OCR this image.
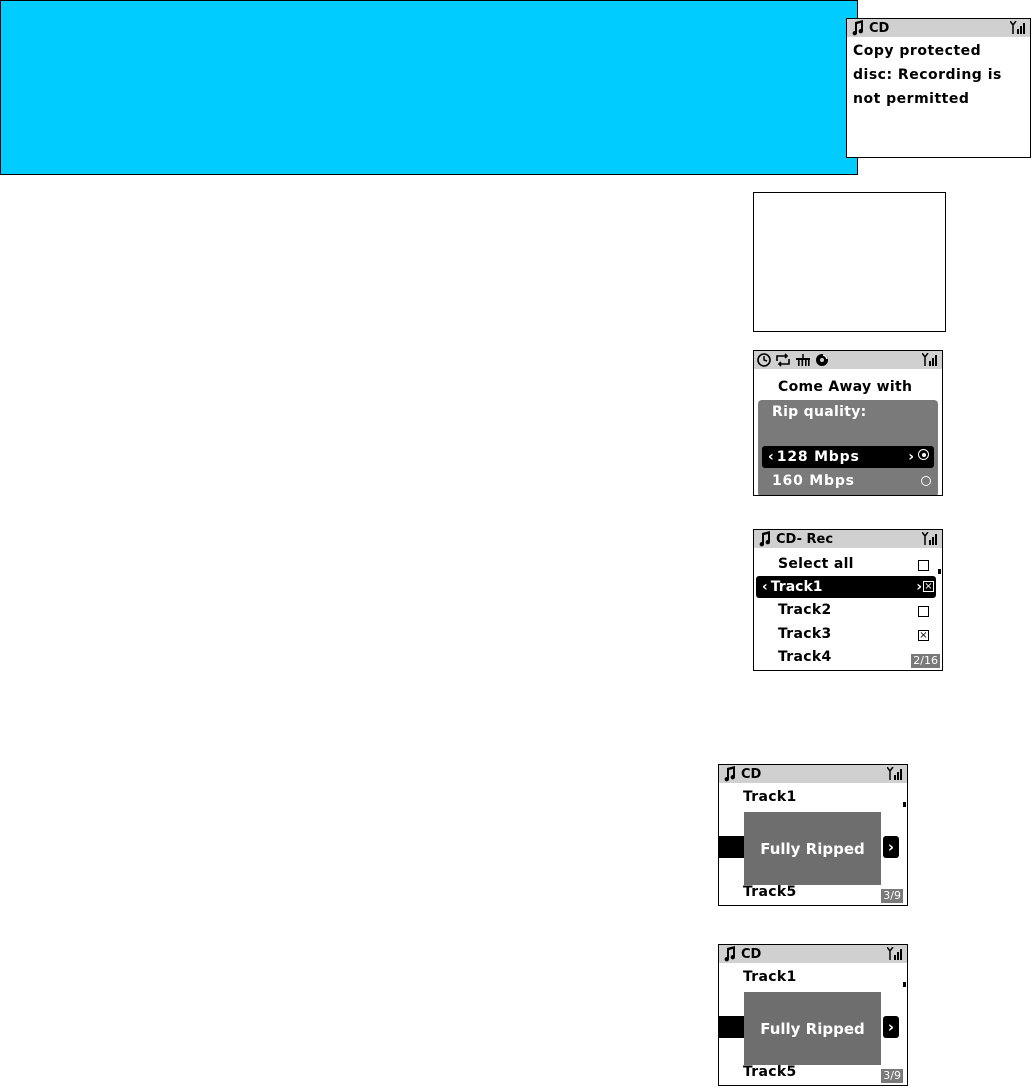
CD
Copy protected
disc: Recording is
not permitted
Come Away with
Rip quality:
‹ 128 Mbps	›
160 Mbps
CD- Rec
Select all
‹ Track1	› ×
Track2
Track3	×
Track4	2/16
CD
Track1
›
Fully Ripped
Track5	3/9
CD
Track1
›
Fully Ripped
Track5	3/9
